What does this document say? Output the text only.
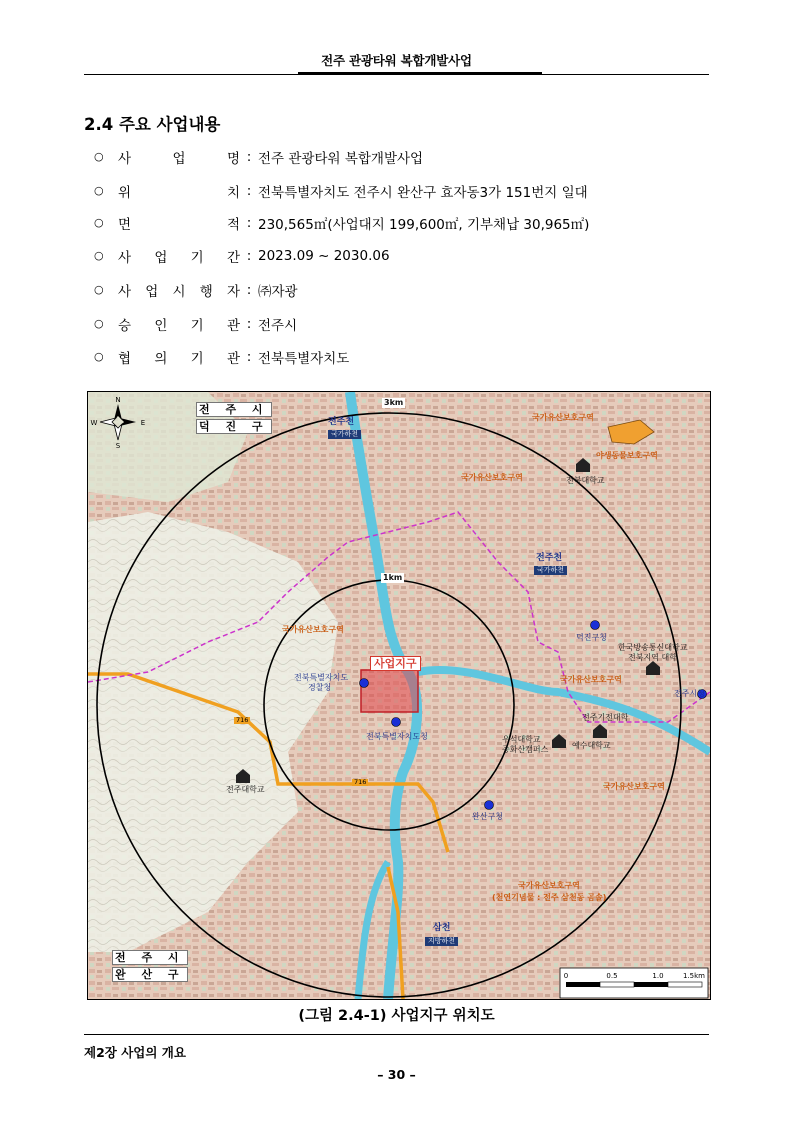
전주 관광타워 복합개발사업
2.4 주요 사업내용
○ 사	업	명 : 전주 관광타워 복합개발사업
○ 위	치 : 전북특별자치도 전주시 완산구 효자동3가 151번지 일대
○ 면	적 : 230,565㎡(사업대지 199,600㎡, 기부채납 30,965㎡)
○ 사 업 기 간 : 2023.09 ~ 2030.06
○ 사 업 시 행 자 : ㈜자광
○ 승 인 기 관 : 전주시
○ 협 의 기 관 : 전북특별자치도
N
S
E
W
0	0.5	1.0	1.5km
전 주 시
덕 진 구
전 주 시
완 산 구
3km
1km
사업지구
전주천
국가하천
전주천
국가하천
삼천
지방하천
국가유산보호구역
국가유산보호구역
국가유산보호구역
국가유산보호구역
국가유산보호구역
국가유산보호구역
(천연기념물 : 전주 삼천동 곰솔)
야생동물보호구역
전북대학교
덕진구청
한국방송통신대학교
전북지역 대학
전주시청
전주기전대학
우석대학교
중화산캠퍼스	예수대학교
전북특별자치도
경찰청
전북특별자치도청
전주대학교
완산구청
716
716
(그림 2.4-1) 사업지구 위치도
제2장 사업의 개요
– 30 –
